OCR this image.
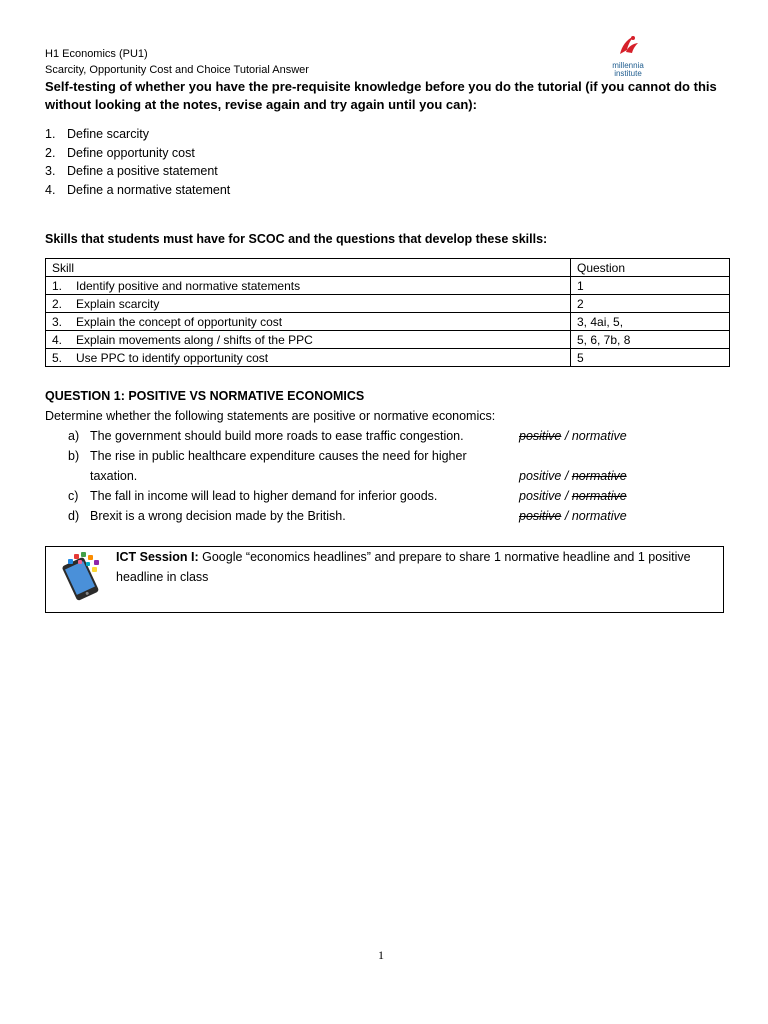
H1 Economics (PU1)
Scarcity, Opportunity Cost and Choice Tutorial Answer	millennia
institute
Self-testing of whether you have the pre-requisite knowledge before you do the tutorial (if you cannot do this without looking at the notes, revise again and try again until you can):
1. Define scarcity
2. Define opportunity cost
3. Define a positive statement
4. Define a normative statement
Skills that students must have for SCOC and the questions that develop these skills:
Skill	Question
1. Identify positive and normative statements	1
2. Explain scarcity	2
3. Explain the concept of opportunity cost	3, 4ai, 5,
4. Explain movements along / shifts of the PPC	5, 6, 7b, 8
5. Use PPC to identify opportunity cost	5
QUESTION 1: POSITIVE VS NORMATIVE ECONOMICS
Determine whether the following statements are positive or normative economics:
a) The government should build more roads to ease traffic congestion.	positive / normative
b) The rise in public healthcare expenditure causes the need for higher taxation.	positive / normative
c) The fall in income will lead to higher demand for inferior goods.	positive / normative
d) Brexit is a wrong decision made by the British.	positive / normative
ICT Session I: Google “economics headlines” and prepare to share 1 normative headline and 1 positive headline in class
1
